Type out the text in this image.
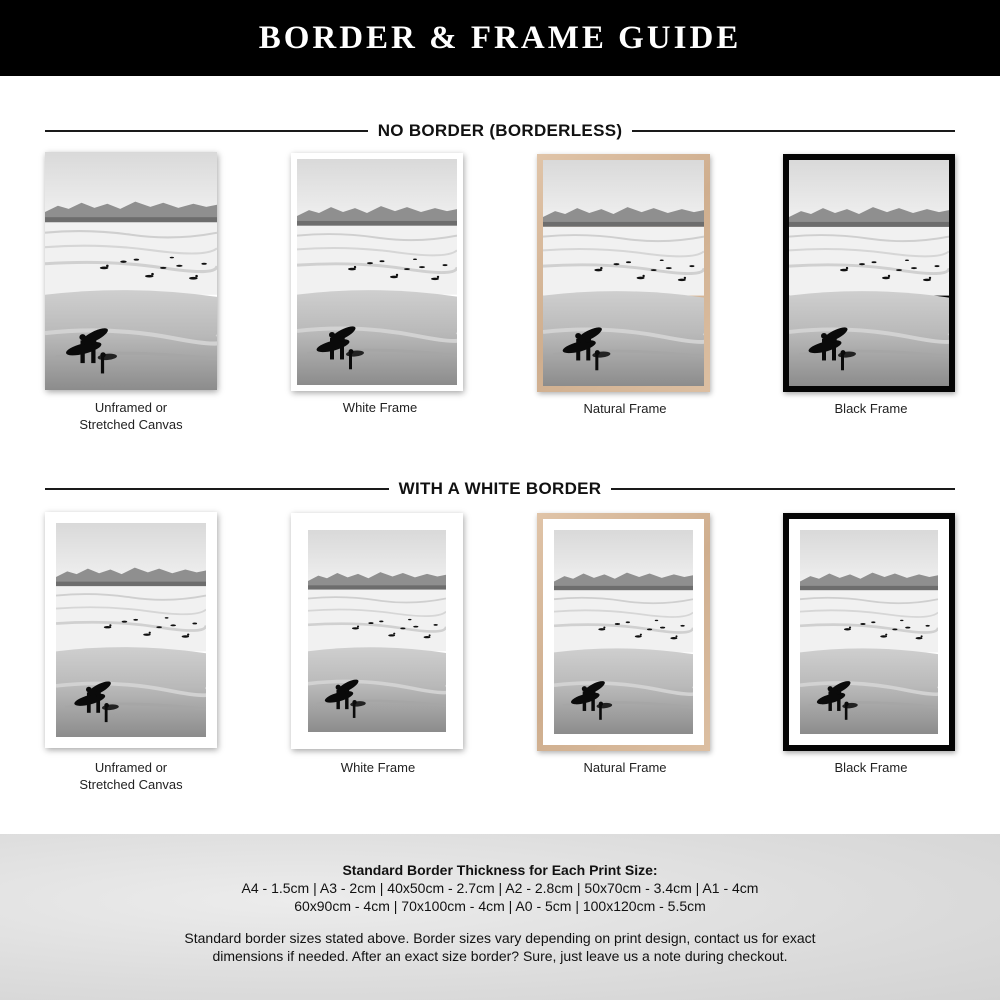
BORDER & FRAME GUIDE
NO BORDER (BORDERLESS)
Unframed or
Stretched Canvas
White Frame	Natural Frame	Black Frame
WITH A WHITE BORDER
Unframed or
Stretched Canvas
White Frame	Natural Frame	Black Frame
Standard Border Thickness for Each Print Size:
A4 - 1.5cm | A3 - 2cm | 40x50cm - 2.7cm | A2 - 2.8cm | 50x70cm - 3.4cm | A1 - 4cm
60x90cm - 4cm | 70x100cm - 4cm | A0 - 5cm | 100x120cm - 5.5cm
Standard border sizes stated above. Border sizes vary depending on print design, contact us for exact
dimensions if needed. After an exact size border? Sure, just leave us a note during checkout.
